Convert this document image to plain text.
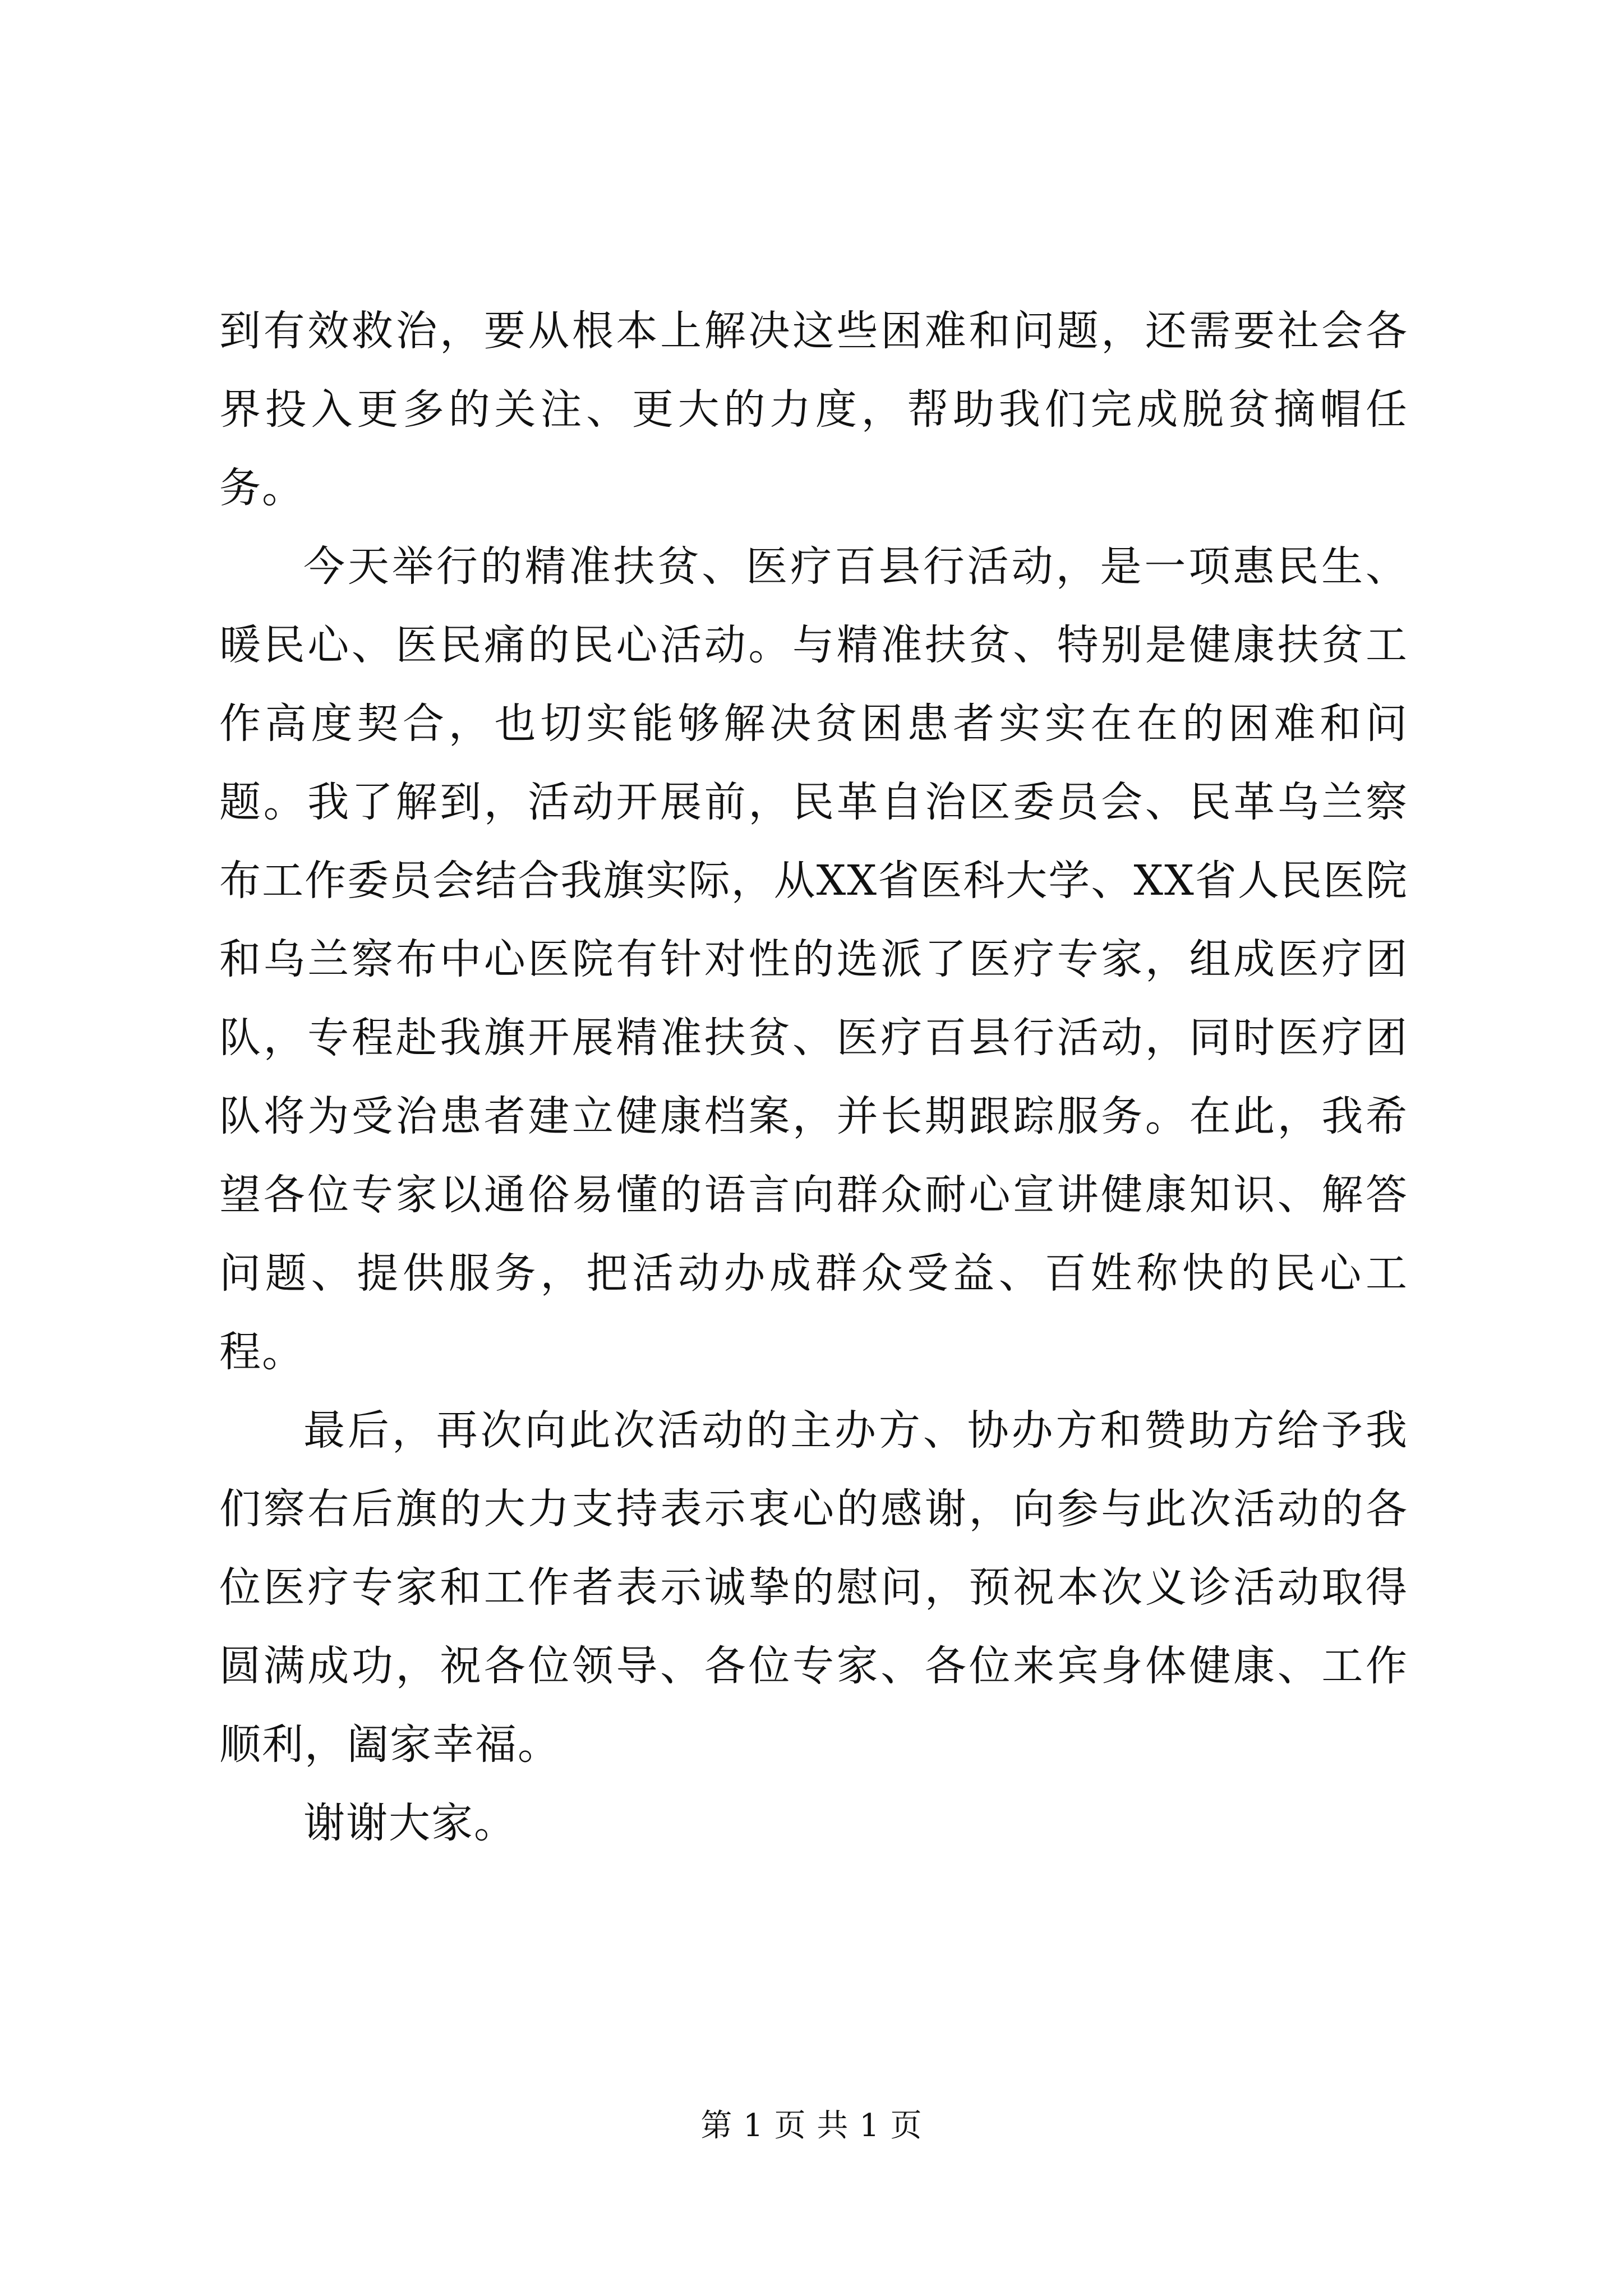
到有效救治，要从根本上解决这些困难和问题，还需要社会各界投入更多的关注、更大的力度，帮助我们完成脱贫摘帽任务。

今天举行的精准扶贫、医疗百县行活动，是一项惠民生、暖民心、医民痛的民心活动。与精准扶贫、特别是健康扶贫工作高度契合，也切实能够解决贫困患者实实在在的困难和问题。我了解到，活动开展前，民革自治区委员会、民革乌兰察布工作委员会结合我旗实际，从XX省医科大学、XX省人民医院和乌兰察布中心医院有针对性的选派了医疗专家，组成医疗团队，专程赴我旗开展精准扶贫、医疗百县行活动，同时医疗团队将为受治患者建立健康档案，并长期跟踪服务。在此，我希望各位专家以通俗易懂的语言向群众耐心宣讲健康知识、解答问题、提供服务，把活动办成群众受益、百姓称快的民心工程。

最后，再次向此次活动的主办方、协办方和赞助方给予我们察右后旗的大力支持表示衷心的感谢，向参与此次活动的各位医疗专家和工作者表示诚挚的慰问，预祝本次义诊活动取得圆满成功，祝各位领导、各位专家、各位来宾身体健康、工作顺利，阖家幸福。

谢谢大家。

第 1 页 共 1 页
